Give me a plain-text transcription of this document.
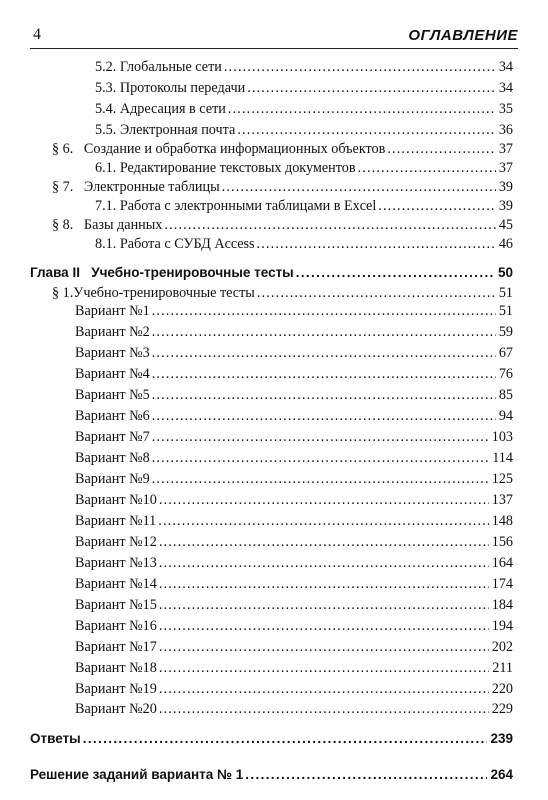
4	ОГЛАВЛЕНИЕ
5.2. Глобальные сети . . .	34
5.3. Протоколы передачи . . .	34
5.4. Адресация в сети . . .	35
5.5. Электронная почта . . .	36
§ 6.   Создание и обработка информационных объектов . . .	37
6.1. Редактирование текстовых документов . . .	37
§ 7.   Электронные таблицы . . .	39
7.1. Работа с электронными таблицами в Excel . . .	39
§ 8.   Базы данных . . .	45
8.1. Работа с СУБД Access . . .	46
Глава II   Учебно-тренировочные тесты . . .	50
§ 1.Учебно-тренировочные тесты . . .	51
Вариант №1 . . .	51
Вариант №2 . . .	59
Вариант №3 . . .	67
Вариант №4 . . .	76
Вариант №5 . . .	85
Вариант №6 . . .	94
Вариант №7 . . .	103
Вариант №8 . . .	114
Вариант №9 . . .	125
Вариант №10 . . .	137
Вариант №11 . . .	148
Вариант №12 . . .	156
Вариант №13 . . .	164
Вариант №14 . . .	174
Вариант №15 . . .	184
Вариант №16 . . .	194
Вариант №17 . . .	202
Вариант №18 . . .	211
Вариант №19 . . .	220
Вариант №20 . . .	229
Ответы . . .	239
Решение заданий варианта № 1 . . .	264
